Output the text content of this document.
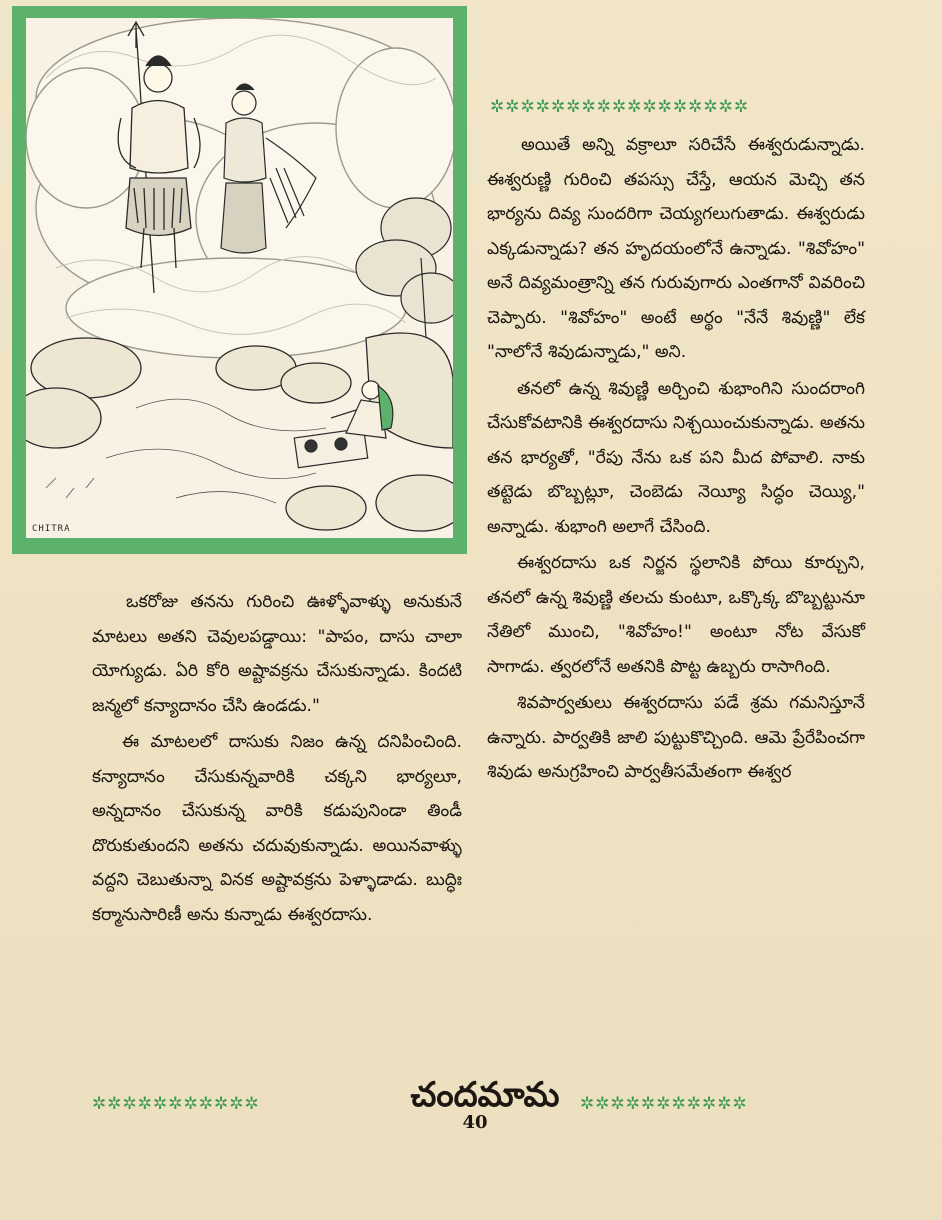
CHITRA
✲✲✲✲✲✲✲✲✲✲✲✲✲✲✲✲✲

అయితే అన్ని వక్రాలూ సరిచేసే ఈశ్వరుడున్నాడు. ఈశ్వరుణ్ణి గురించి తపస్సు చేస్తే, ఆయన మెచ్చి తన భార్యను దివ్య సుందరిగా చెయ్యగలుగుతాడు. ఈశ్వరుడు ఎక్కడున్నాడు? తన హృదయంలోనే ఉన్నాడు. "శివోహం" అనే దివ్యమంత్రాన్ని తన గురువుగారు ఎంతగానో వివరించి చెప్పారు. "శివోహం" అంటే అర్థం "నేనే శివుణ్ణి" లేక "నాలోనే శివుడున్నాడు," అని.

తనలో ఉన్న శివుణ్ణి అర్చించి శుభాంగిని సుందరాంగి చేసుకోవటానికి ఈశ్వరదాసు నిశ్చయించుకున్నాడు. అతను తన భార్యతో, "రేపు నేను ఒక పని మీద పోవాలి. నాకు తట్టెడు బొబ్బట్లూ, చెంబెడు నెయ్యీ సిద్ధం చెయ్యి," అన్నాడు. శుభాంగి అలాగే చేసింది.

ఈశ్వరదాసు ఒక నిర్జన స్థలానికి పోయి కూర్చుని, తనలో ఉన్న శివుణ్ణి తలచు కుంటూ, ఒక్కొక్క బొబ్బట్టునూ నేతిలో ముంచి, "శివోహం!" అంటూ నోట వేసుకో సాగాడు. త్వరలోనే అతనికి పొట్ట ఉబ్బరు రాసాగింది.

శివపార్వతులు ఈశ్వరదాసు పడే శ్రమ గమనిస్తూనే ఉన్నారు. పార్వతికి జాలి పుట్టుకొచ్చింది. ఆమె ప్రేరేపించగా శివుడు అనుగ్రహించి పార్వతీసమేతంగా ఈశ్వర

ఒకరోజు తనను గురించి ఊళ్ళోవాళ్ళు అనుకునే మాటలు అతని చెవులపడ్డాయి: "పాపం, దాసు చాలా యోగ్యుడు. ఏరి కోరి అష్టావక్రను చేసుకున్నాడు. కిందటి జన్మలో కన్యాదానం చేసి ఉండడు."

ఈ మాటలలో దాసుకు నిజం ఉన్న దనిపించింది. కన్యాదానం చేసుకున్నవారికి చక్కని భార్యలూ, అన్నదానం చేసుకున్న వారికి కడుపునిండా తిండీ దొరుకుతుందని అతను చదువుకున్నాడు. అయినవాళ్ళు వద్దని చెబుతున్నా వినక అష్టావక్రను పెళ్ళాడాడు. బుద్ధిః కర్మానుసారిణీ అను కున్నాడు ఈశ్వరదాసు.

✲✲✲✲✲✲✲✲✲✲✲	చందమామ	✲✲✲✲✲✲✲✲✲✲✲
40
